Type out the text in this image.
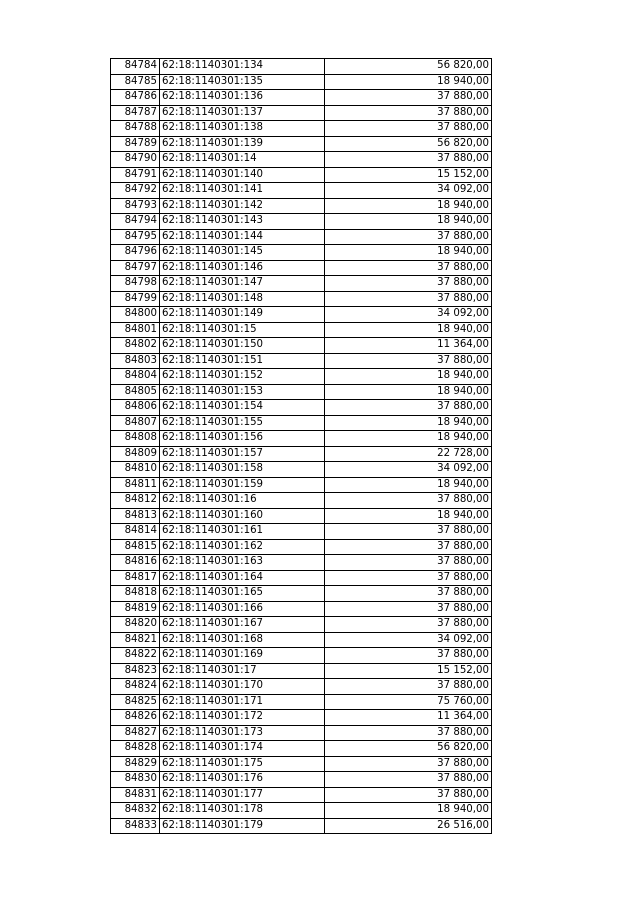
84784	62:18:1140301:134	56 820,00
84785	62:18:1140301:135	18 940,00
84786	62:18:1140301:136	37 880,00
84787	62:18:1140301:137	37 880,00
84788	62:18:1140301:138	37 880,00
84789	62:18:1140301:139	56 820,00
84790	62:18:1140301:14	37 880,00
84791	62:18:1140301:140	15 152,00
84792	62:18:1140301:141	34 092,00
84793	62:18:1140301:142	18 940,00
84794	62:18:1140301:143	18 940,00
84795	62:18:1140301:144	37 880,00
84796	62:18:1140301:145	18 940,00
84797	62:18:1140301:146	37 880,00
84798	62:18:1140301:147	37 880,00
84799	62:18:1140301:148	37 880,00
84800	62:18:1140301:149	34 092,00
84801	62:18:1140301:15	18 940,00
84802	62:18:1140301:150	11 364,00
84803	62:18:1140301:151	37 880,00
84804	62:18:1140301:152	18 940,00
84805	62:18:1140301:153	18 940,00
84806	62:18:1140301:154	37 880,00
84807	62:18:1140301:155	18 940,00
84808	62:18:1140301:156	18 940,00
84809	62:18:1140301:157	22 728,00
84810	62:18:1140301:158	34 092,00
84811	62:18:1140301:159	18 940,00
84812	62:18:1140301:16	37 880,00
84813	62:18:1140301:160	18 940,00
84814	62:18:1140301:161	37 880,00
84815	62:18:1140301:162	37 880,00
84816	62:18:1140301:163	37 880,00
84817	62:18:1140301:164	37 880,00
84818	62:18:1140301:165	37 880,00
84819	62:18:1140301:166	37 880,00
84820	62:18:1140301:167	37 880,00
84821	62:18:1140301:168	34 092,00
84822	62:18:1140301:169	37 880,00
84823	62:18:1140301:17	15 152,00
84824	62:18:1140301:170	37 880,00
84825	62:18:1140301:171	75 760,00
84826	62:18:1140301:172	11 364,00
84827	62:18:1140301:173	37 880,00
84828	62:18:1140301:174	56 820,00
84829	62:18:1140301:175	37 880,00
84830	62:18:1140301:176	37 880,00
84831	62:18:1140301:177	37 880,00
84832	62:18:1140301:178	18 940,00
84833	62:18:1140301:179	26 516,00
